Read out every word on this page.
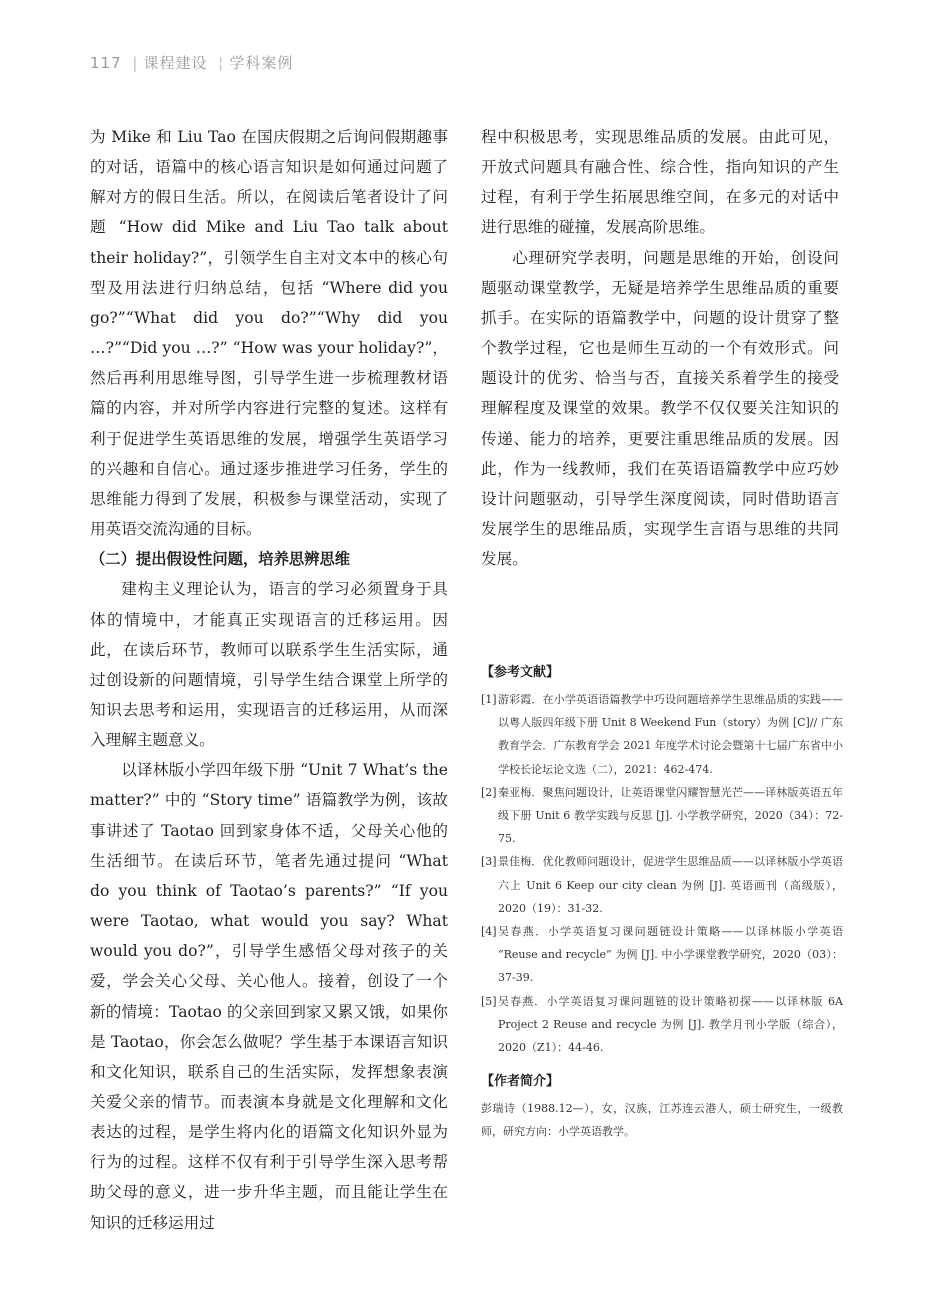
117 | 课程建设 ¦ 学科案例

为 Mike 和 Liu Tao 在国庆假期之后询问假期趣事的对话，语篇中的核心语言知识是如何通过问题了解对方的假日生活。所以，在阅读后笔者设计了问　题 “How did Mike and Liu Tao talk about their holiday?”，引领学生自主对文本中的核心句型及用法进行归纳总结，包括 “Where did you go?”“What did you do?”“Why did you …?”“Did you …?” “How was your holiday?”，然后再利用思维导图，引导学生进一步梳理教材语篇的内容，并对所学内容进行完整的复述。这样有利于促进学生英语思维的发展，增强学生英语学习的兴趣和自信心。通过逐步推进学习任务，学生的思维能力得到了发展，积极参与课堂活动，实现了用英语交流沟通的目标。

（二）提出假设性问题，培养思辨思维

建构主义理论认为，语言的学习必须置身于具体的情境中，才能真正实现语言的迁移运用。因此，在读后环节，教师可以联系学生生活实际，通过创设新的问题情境，引导学生结合课堂上所学的知识去思考和运用，实现语言的迁移运用，从而深入理解主题意义。

以译林版小学四年级下册 “Unit 7 What’s the matter?” 中的 “Story time” 语篇教学为例，该故事讲述了 Taotao 回到家身体不适，父母关心他的生活细节。在读后环节，笔者先通过提问 “What do you think of Taotao’s parents?” “If you were Taotao, what would you say? What would you do?”，引导学生感悟父母对孩子的关爱，学会关心父母、关心他人。接着，创设了一个新的情境：Taotao 的父亲回到家又累又饿，如果你是 Taotao，你会怎么做呢？学生基于本课语言知识和文化知识，联系自己的生活实际，发挥想象表演关爱父亲的情节。而表演本身就是文化理解和文化表达的过程，是学生将内化的语篇文化知识外显为行为的过程。这样不仅有利于引导学生深入思考帮助父母的意义，进一步升华主题，而且能让学生在知识的迁移运用过

程中积极思考，实现思维品质的发展。由此可见，开放式问题具有融合性、综合性，指向知识的产生过程，有利于学生拓展思维空间，在多元的对话中进行思维的碰撞，发展高阶思维。

心理研究学表明，问题是思维的开始，创设问题驱动课堂教学，无疑是培养学生思维品质的重要抓手。在实际的语篇教学中，问题的设计贯穿了整个教学过程，它也是师生互动的一个有效形式。问题设计的优劣、恰当与否，直接关系着学生的接受理解程度及课堂的效果。教学不仅仅要关注知识的传递、能力的培养，更要注重思维品质的发展。因此，作为一线教师，我们在英语语篇教学中应巧妙设计问题驱动，引导学生深度阅读，同时借助语言发展学生的思维品质，实现学生言语与思维的共同发展。

【参考文献】
[1] 游彩霞．在小学英语语篇教学中巧设问题培养学生思维品质的实践——以粤人版四年级下册 Unit 8 Weekend Fun（story）为例 [C]// 广东教育学会．广东教育学会 2021 年度学术讨论会暨第十七届广东省中小学校长论坛论文选（二），2021：462-474.
[2] 秦亚梅．聚焦问题设计，让英语课堂闪耀智慧光芒——译林版英语五年级下册 Unit 6 教学实践与反思 [J]. 小学教学研究，2020（34）：72-75.
[3] 景佳梅．优化教师问题设计，促进学生思维品质——以译林版小学英语六上 Unit 6 Keep our city clean 为例 [J]. 英语画刊（高级版），2020（19）：31-32.
[4] 吴春燕．小学英语复习课问题链设计策略——以译林版小学英语 “Reuse and recycle” 为例 [J]. 中小学课堂教学研究，2020（03）：37-39.
[5] 吴春燕．小学英语复习课问题链的设计策略初探——以译林版 6A Project 2 Reuse and recycle 为例 [J]. 教学月刊小学版（综合），2020（Z1）：44-46.
【作者简介】

彭瑞诗（1988.12—），女，汉族，江苏连云港人，硕士研究生，一级教师，研究方向：小学英语教学。
